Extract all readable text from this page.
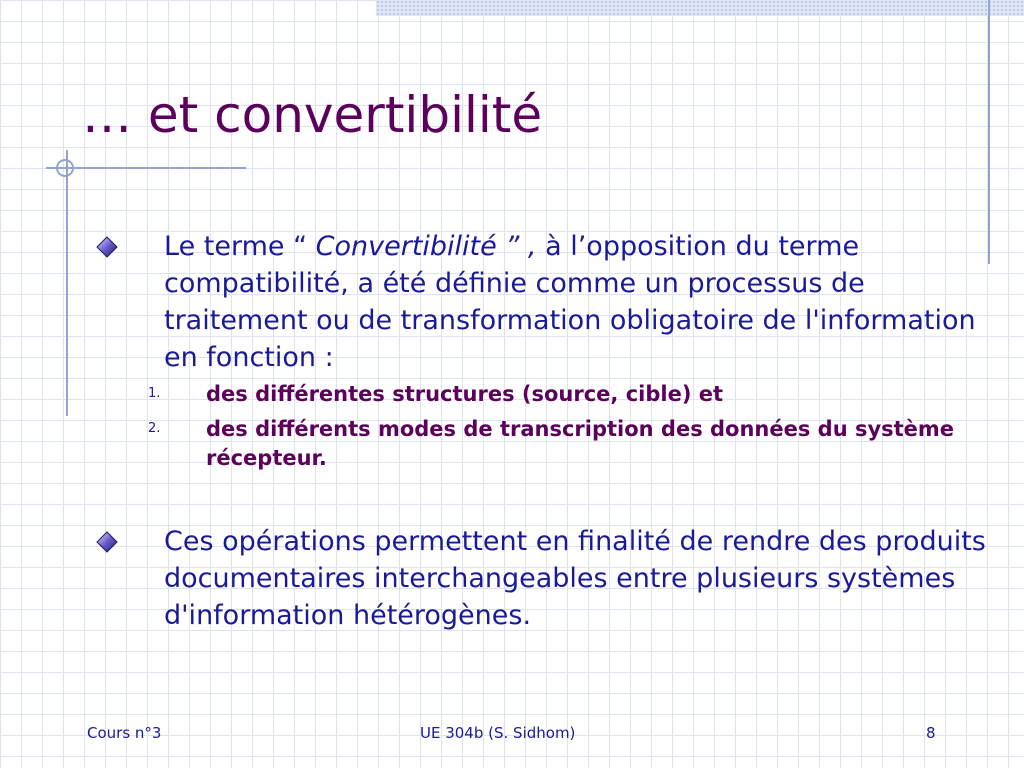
… et convertibilité
Le terme “ Convertibilité ” , à l’opposition du terme compatibilité, a été définie comme un processus de traitement ou de transformation obligatoire de l'information en fonction :
1. des différentes structures (source, cible) et
2. des différents modes de transcription des données du système récepteur.
Ces opérations permettent en finalité de rendre des produits documentaires interchangeables entre plusieurs systèmes d'information hétérogènes.
Cours n°3	UE 304b (S. Sidhom)	8
